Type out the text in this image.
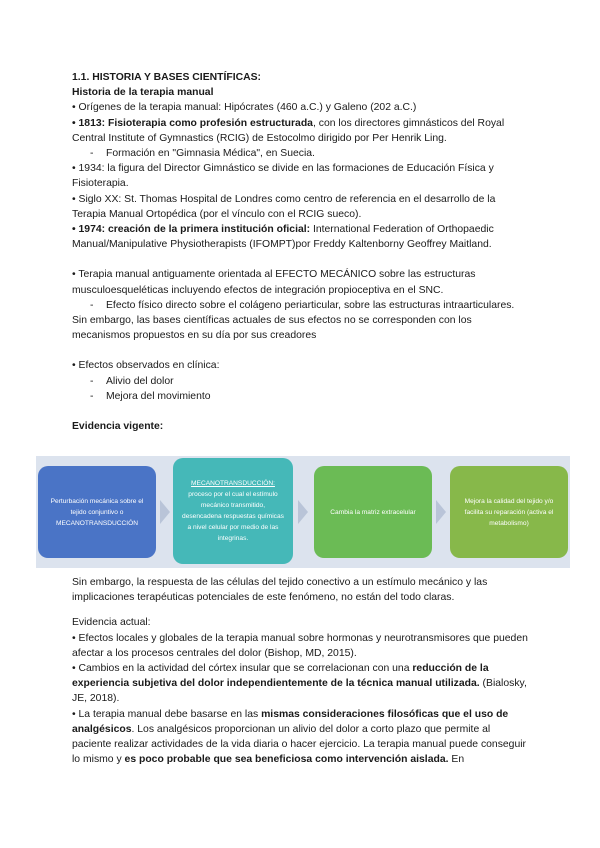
1.1. HISTORIA Y BASES CIENTÍFICAS:

Historia de la terapia manual

• Orígenes de la terapia manual: Hipócrates (460 a.C.) y Galeno (202 a.C.)

• 1813: Fisioterapia como profesión estructurada, con los directores gimnásticos del Royal Central Institute of Gymnastics (RCIG) de Estocolmo dirigido por Per Henrik Ling.

- Formación en "Gimnasia Médica", en Suecia.

• 1934: la figura del Director Gimnástico se divide en las formaciones de Educación Física y Fisioterapia.

• Siglo XX: St. Thomas Hospital de Londres como centro de referencia en el desarrollo de la Terapia Manual Ortopédica (por el vínculo con el RCIG sueco).

• 1974: creación de la primera institución oficial: International Federation of Orthopaedic Manual/Manipulative Physiotherapists (IFOMPT)por Freddy Kaltenborny Geoffrey Maitland.

• Terapia manual antiguamente orientada al EFECTO MECÁNICO sobre las estructuras musculoesqueléticas incluyendo efectos de integración propioceptiva en el SNC.

- Efecto físico directo sobre el colágeno periarticular, sobre las estructuras intraarticulares.

Sin embargo, las bases científicas actuales de sus efectos no se corresponden con los mecanismos propuestos en su día por sus creadores

• Efectos observados en clínica:

- Alivio del dolor

- Mejora del movimiento

Evidencia vigente:

Perturbación mecánica sobre el tejido conjuntivo o MECANOTRANSDUCCIÓN
MECANOTRANSDUCCIÓN:
proceso por el cual el estímulo mecánico transmitido, desencadena respuestas químicas a nivel celular por medio de las integrinas.
Cambia la matriz extracelular
Mejora la calidad del tejido y/o facilita su reparación (activa el metabolismo)

Sin embargo, la respuesta de las células del tejido conectivo a un estímulo mecánico y las implicaciones terapéuticas potenciales de este fenómeno, no están del todo claras.

Evidencia actual:

• Efectos locales y globales de la terapia manual sobre hormonas y neurotransmisores que pueden afectar a los procesos centrales del dolor (Bishop, MD, 2015).

• Cambios en la actividad del córtex insular que se correlacionan con una reducción de la experiencia subjetiva del dolor independientemente de la técnica manual utilizada. (Bialosky, JE, 2018).

• La terapia manual debe basarse en las mismas consideraciones filosóficas que el uso de analgésicos. Los analgésicos proporcionan un alivio del dolor a corto plazo que permite al paciente realizar actividades de la vida diaria o hacer ejercicio. La terapia manual puede conseguir lo mismo y es poco probable que sea beneficiosa como intervención aislada. En
